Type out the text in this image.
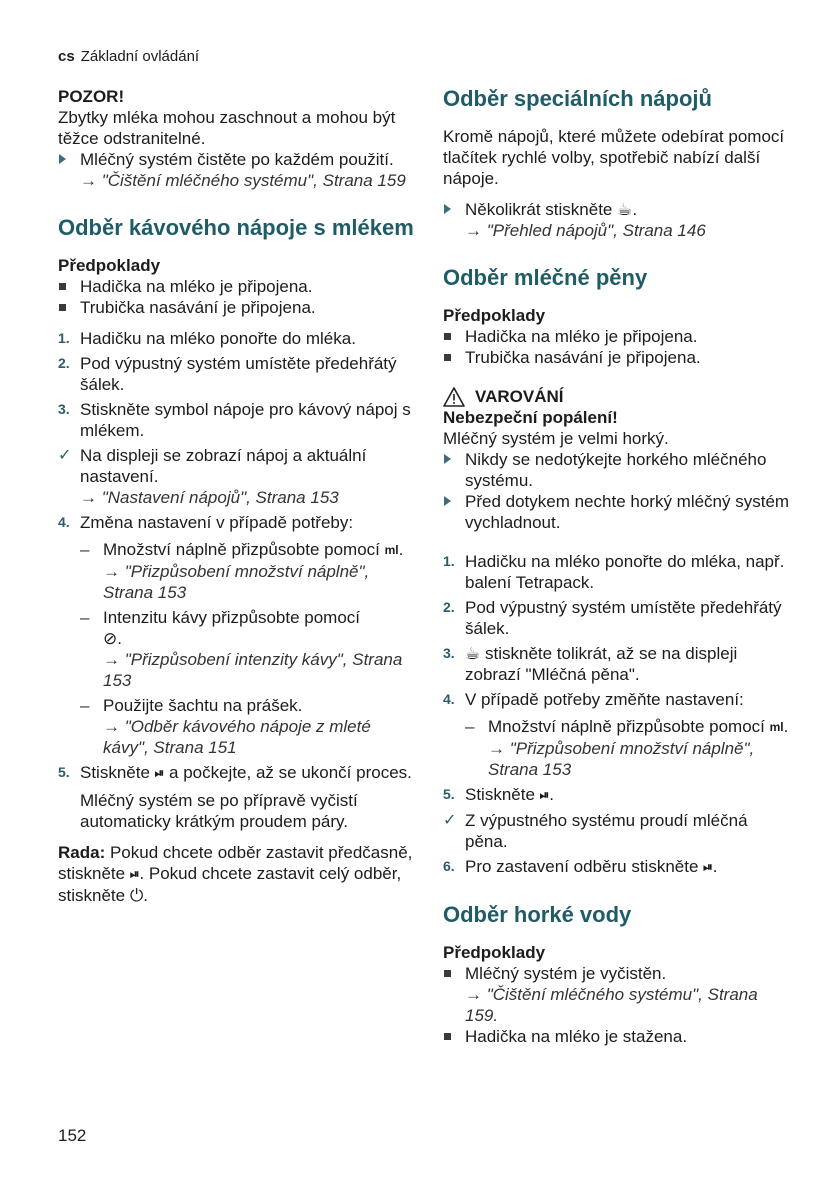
cs Základní ovládání
POZOR!

Zbytky mléka mohou zaschnout a mohou být těžce odstranitelné.

Mléčný systém čistěte po každém použití.
→ "Čištění mléčného systému", Strana 159
Odběr kávového nápoje s mlékem
Předpoklady
Hadička na mléko je připojena.
Trubička nasávání je připojena.
1. Hadičku na mléko ponořte do mléka.
2. Pod výpustný systém umístěte předehřátý šálek.
3. Stiskněte symbol nápoje pro kávový nápoj s mlékem.
✓ Na displeji se zobrazí nápoj a aktuální nastavení.
→ "Nastavení nápojů", Strana 153
4. Změna nastavení v případě potřeby:
– Množství náplně přizpůsobte pomocí ml.
→ "Přizpůsobení množství náplně", Strana 153
– Intenzitu kávy přizpůsobte pomocí
⊘.
→ "Přizpůsobení intenzity kávy", Strana 153
– Použijte šachtu na prášek.
→ "Odběr kávového nápoje z mleté kávy", Strana 151
5. Stiskněte ⏯ a počkejte, až se ukončí proces.
Mléčný systém se po přípravě vyčistí automaticky krátkým proudem páry.

Rada: Pokud chcete odběr zastavit předčasně, stiskněte ⏯. Pokud chcete zastavit celý odběr, stiskněte ⏻.

Odběr speciálních nápojů

Kromě nápojů, které můžete odebírat pomocí tlačítek rychlé volby, spotřebič nabízí další nápoje.

Několikrát stiskněte ☕.
→ "Přehled nápojů", Strana 146
Odběr mléčné pěny
Předpoklady
Hadička na mléko je připojena.
Trubička nasávání je připojena.
VAROVÁNÍ
Nebezpeční popálení!

Mléčný systém je velmi horký.

Nikdy se nedotýkejte horkého mléčného systému.
Před dotykem nechte horký mléčný systém vychladnout.
1. Hadičku na mléko ponořte do mléka, např. balení Tetrapack.
2. Pod výpustný systém umístěte předehřátý šálek.
3. ☕ stiskněte tolikrát, až se na displeji zobrazí "Mléčná pěna".
4. V případě potřeby změňte nastavení:
– Množství náplně přizpůsobte pomocí ml.
→ "Přizpůsobení množství náplně", Strana 153
5. Stiskněte ⏯.
✓ Z výpustného systému proudí mléčná pěna.
6. Pro zastavení odběru stiskněte ⏯.
Odběr horké vody
Předpoklady
Mléčný systém je vyčistěn.
→ "Čištění mléčného systému", Strana 159.
Hadička na mléko je stažena.
152
